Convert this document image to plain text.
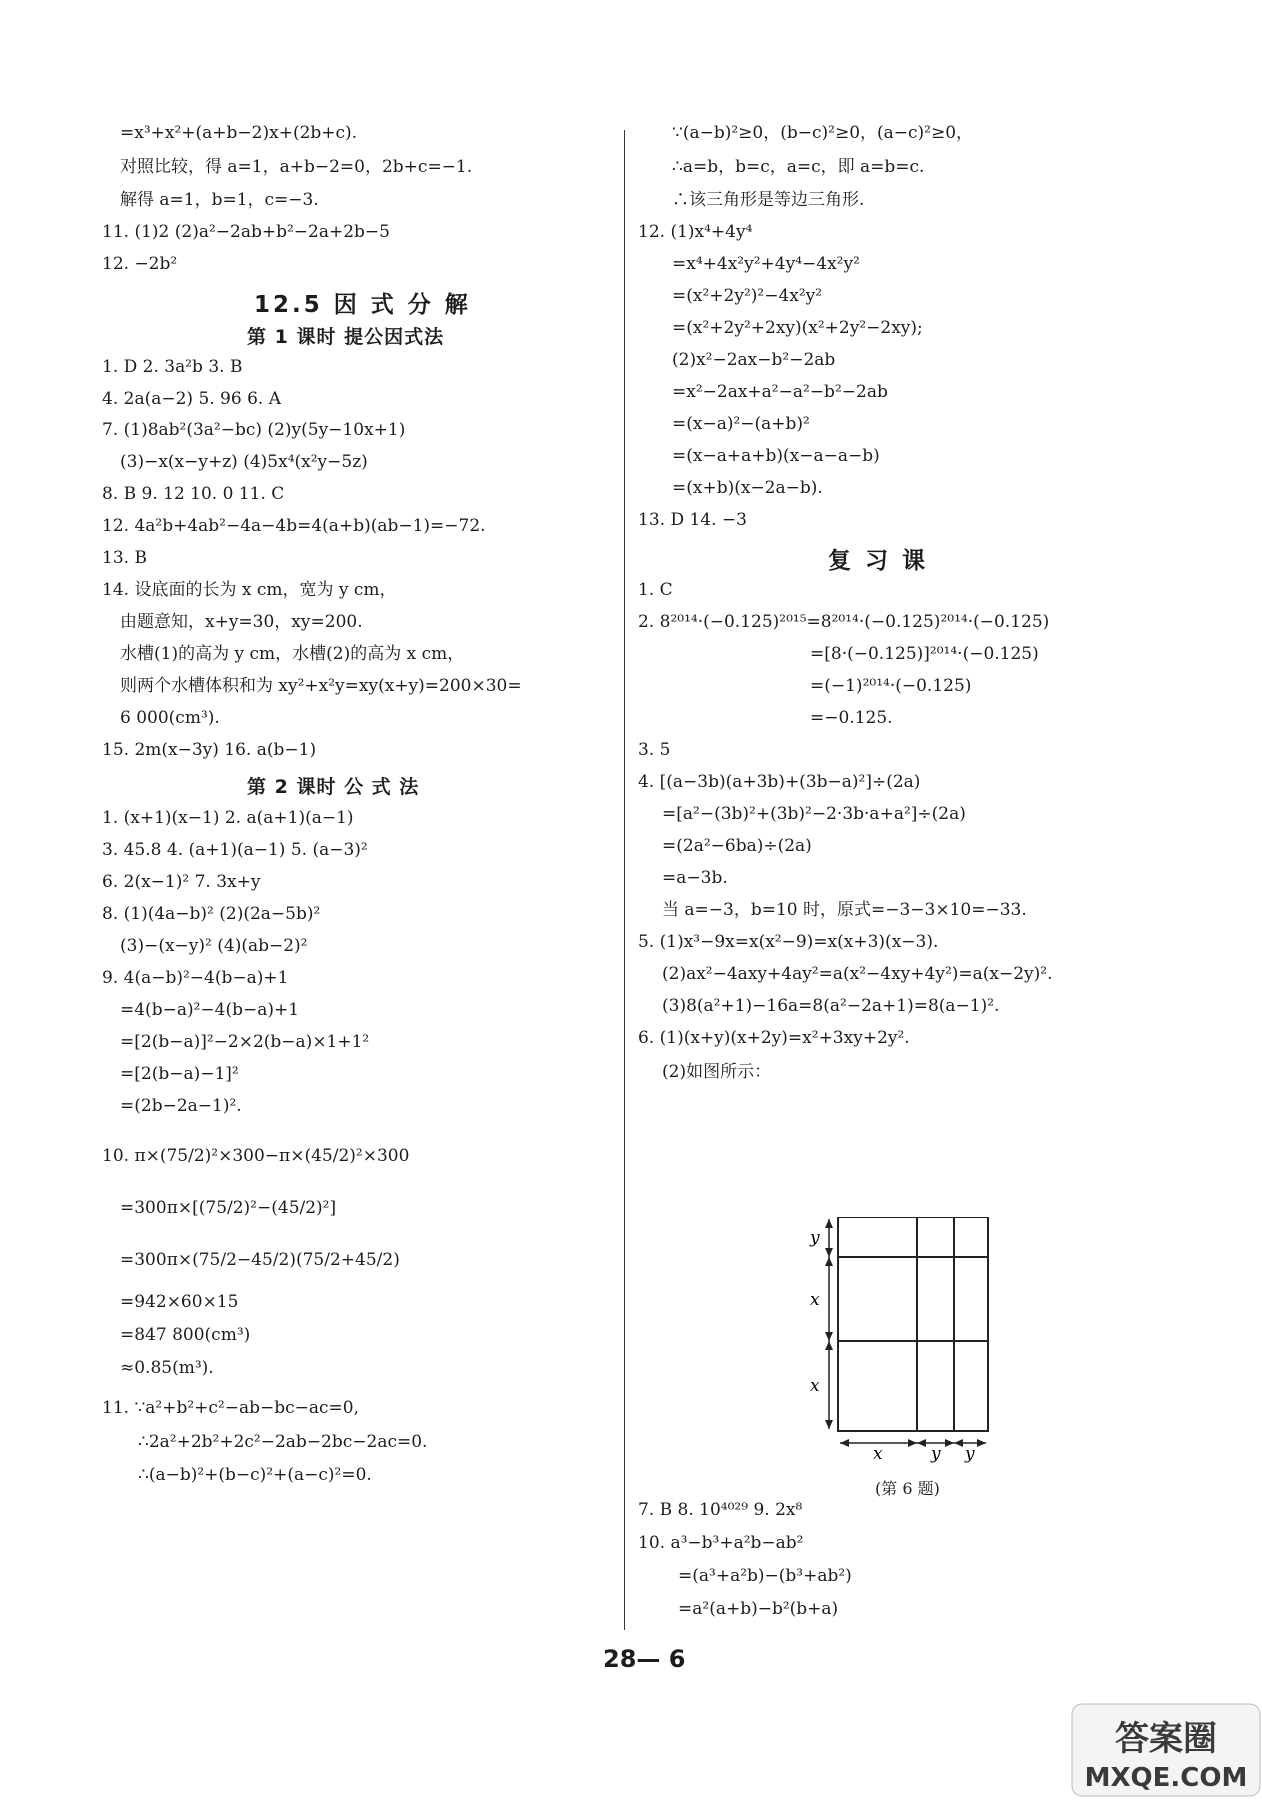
=x³+x²+(a+b−2)x+(2b+c).
对照比较，得 a=1，a+b−2=0，2b+c=−1.
解得 a=1，b=1，c=−3.
11. (1)2 (2)a²−2ab+b²−2a+2b−5
12. −2b²
12.5 因 式 分 解
第 1 课时 提公因式法
1. D 2. 3a²b 3. B
4. 2a(a−2) 5. 96 6. A
7. (1)8ab²(3a²−bc) (2)y(5y−10x+1)
(3)−x(x−y+z) (4)5x⁴(x²y−5z)
8. B 9. 12 10. 0 11. C
12. 4a²b+4ab²−4a−4b=4(a+b)(ab−1)=−72.
13. B
14. 设底面的长为 x cm，宽为 y cm，
由题意知，x+y=30，xy=200.
水槽(1)的高为 y cm，水槽(2)的高为 x cm，
则两个水槽体积和为 xy²+x²y=xy(x+y)=200×30=
6 000(cm³).
15. 2m(x−3y) 16. a(b−1)
第 2 课时 公 式 法
1. (x+1)(x−1) 2. a(a+1)(a−1)
3. 45.8 4. (a+1)(a−1) 5. (a−3)²
6. 2(x−1)² 7. 3x+y
8. (1)(4a−b)² (2)(2a−5b)²
(3)−(x−y)² (4)(ab−2)²
9. 4(a−b)²−4(b−a)+1
=4(b−a)²−4(b−a)+1
=[2(b−a)]²−2×2(b−a)×1+1²
=[2(b−a)−1]²
=(2b−2a−1)².
10. π×(75/2)²×300−π×(45/2)²×300
=300π×[(75/2)²−(45/2)²]
=300π×(75/2−45/2)(75/2+45/2)
=942×60×15
=847 800(cm³)
≈0.85(m³).
11. ∵a²+b²+c²−ab−bc−ac=0,
∴2a²+2b²+2c²−2ab−2bc−2ac=0.
∴(a−b)²+(b−c)²+(a−c)²=0.
∵(a−b)²≥0，(b−c)²≥0，(a−c)²≥0，
∴a=b，b=c，a=c，即 a=b=c.
∴该三角形是等边三角形.
12. (1)x⁴+4y⁴
=x⁴+4x²y²+4y⁴−4x²y²
=(x²+2y²)²−4x²y²
=(x²+2y²+2xy)(x²+2y²−2xy);
(2)x²−2ax−b²−2ab
=x²−2ax+a²−a²−b²−2ab
=(x−a)²−(a+b)²
=(x−a+a+b)(x−a−a−b)
=(x+b)(x−2a−b).
13. D 14. −3
复 习 课
1. C
2. 8²⁰¹⁴·(−0.125)²⁰¹⁵=8²⁰¹⁴·(−0.125)²⁰¹⁴·(−0.125)
=[8·(−0.125)]²⁰¹⁴·(−0.125)
=(−1)²⁰¹⁴·(−0.125)
=−0.125.
3. 5
4. [(a−3b)(a+3b)+(3b−a)²]÷(2a)
=[a²−(3b)²+(3b)²−2·3b·a+a²]÷(2a)
=(2a²−6ba)÷(2a)
=a−3b.
当 a=−3，b=10 时，原式=−3−3×10=−33.
5. (1)x³−9x=x(x²−9)=x(x+3)(x−3).
(2)ax²−4axy+4ay²=a(x²−4xy+4y²)=a(x−2y)².
(3)8(a²+1)−16a=8(a²−2a+1)=8(a−1)².
6. (1)(x+y)(x+2y)=x²+3xy+2y².
(2)如图所示：
7. B 8. 10⁴⁰²⁹ 9. 2x⁸
10. a³−b³+a²b−ab²
=(a³+a²b)−(b³+ab²)
=a²(a+b)−b²(b+a)
y
x
x
x	y y
(第 6 题)
28— 6
答案圈
MXQE.COM
